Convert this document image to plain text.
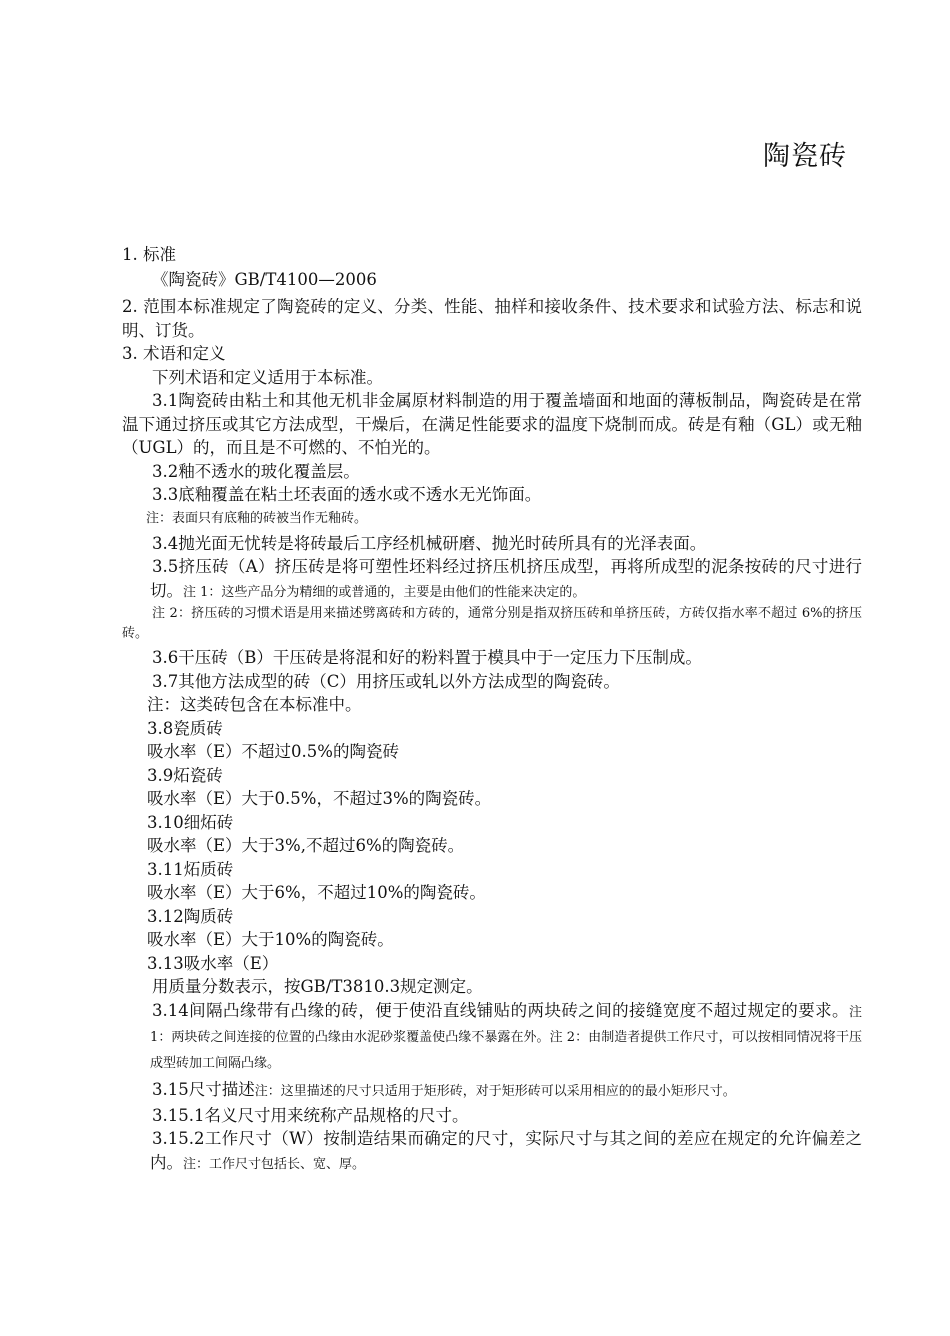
陶瓷砖

1. 标准

《陶瓷砖》GB/T4100—2006

2. 范围本标准规定了陶瓷砖的定义、分类、性能、抽样和接收条件、技术要求和试验方法、标志和说明、订货。

3. 术语和定义

下列术语和定义适用于本标准。

3.1陶瓷砖由粘土和其他无机非金属原材料制造的用于覆盖墙面和地面的薄板制品，陶瓷砖是在常温下通过挤压或其它方法成型，干燥后，在满足性能要求的温度下烧制而成。砖是有釉（GL）或无釉（UGL）的，而且是不可燃的、不怕光的。

3.2釉不透水的玻化覆盖层。

3.3底釉覆盖在粘土坯表面的透水或不透水无光饰面。

注：表面只有底釉的砖被当作无釉砖。

3.4抛光面无忧转是将砖最后工序经机械研磨、抛光时砖所具有的光泽表面。

3.5挤压砖（A）挤压砖是将可塑性坯料经过挤压机挤压成型，再将所成型的泥条按砖的尺寸进行切。注 1：这些产品分为精细的或普通的，主要是由他们的性能来决定的。

注 2：挤压砖的习惯术语是用来描述劈离砖和方砖的，通常分别是指双挤压砖和单挤压砖，方砖仅指水率不超过 6%的挤压砖。

3.6干压砖（B）干压砖是将混和好的粉料置于模具中于一定压力下压制成。

3.7其他方法成型的砖（C）用挤压或轧以外方法成型的陶瓷砖。

注：这类砖包含在本标准中。

3.8瓷质砖

吸水率（E）不超过0.5%的陶瓷砖

3.9炻瓷砖

吸水率（E）大于0.5%，不超过3%的陶瓷砖。

3.10细炻砖

吸水率（E）大于3%,不超过6%的陶瓷砖。

3.11炻质砖

吸水率（E）大于6%，不超过10%的陶瓷砖。

3.12陶质砖

吸水率（E）大于10%的陶瓷砖。

3.13吸水率（E）

用质量分数表示，按GB/T3810.3规定测定。

3.14间隔凸缘带有凸缘的砖，便于使沿直线铺贴的两块砖之间的接缝宽度不超过规定的要求。注 1：两块砖之间连接的位置的凸缘由水泥砂浆覆盖使凸缘不暴露在外。注 2：由制造者提供工作尺寸，可以按相同情况将干压成型砖加工间隔凸缘。

3.15尺寸描述注：这里描述的尺寸只适用于矩形砖，对于矩形砖可以采用相应的的最小矩形尺寸。

3.15.1名义尺寸用来统称产品规格的尺寸。

3.15.2工作尺寸（W）按制造结果而确定的尺寸，实际尺寸与其之间的差应在规定的允许偏差之内。注：工作尺寸包括长、宽、厚。
